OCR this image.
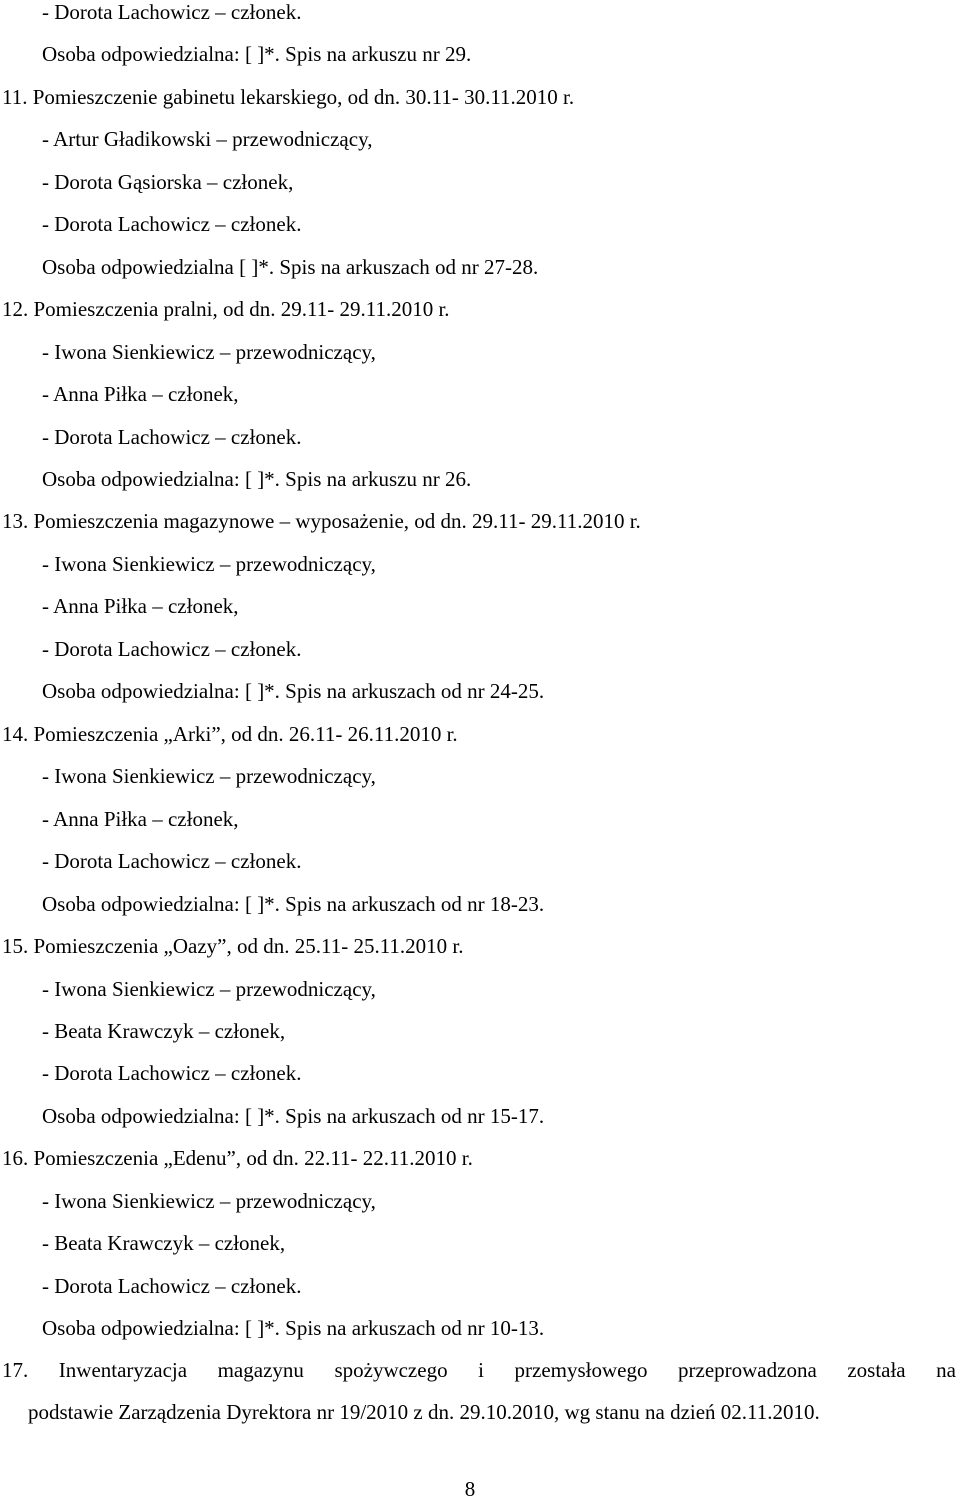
- Dorota Lachowicz – członek.
Osoba odpowiedzialna: [ ]*. Spis na arkuszu nr 29.
11. Pomieszczenie gabinetu lekarskiego, od dn. 30.11- 30.11.2010 r.
- Artur Gładikowski – przewodniczący,
- Dorota Gąsiorska – członek,
- Dorota Lachowicz – członek.
Osoba odpowiedzialna [ ]*. Spis na arkuszach od nr 27-28.
12. Pomieszczenia pralni, od dn. 29.11- 29.11.2010 r.
- Iwona Sienkiewicz – przewodniczący,
- Anna Piłka – członek,
- Dorota Lachowicz – członek.
Osoba odpowiedzialna: [ ]*. Spis na arkuszu nr 26.
13. Pomieszczenia magazynowe – wyposażenie, od dn. 29.11- 29.11.2010 r.
- Iwona Sienkiewicz – przewodniczący,
- Anna Piłka – członek,
- Dorota Lachowicz – członek.
Osoba odpowiedzialna: [ ]*. Spis na arkuszach od nr 24-25.
14. Pomieszczenia „Arki”, od dn. 26.11- 26.11.2010 r.
- Iwona Sienkiewicz – przewodniczący,
- Anna Piłka – członek,
- Dorota Lachowicz – członek.
Osoba odpowiedzialna: [ ]*. Spis na arkuszach od nr 18-23.
15. Pomieszczenia „Oazy”, od dn. 25.11- 25.11.2010 r.
- Iwona Sienkiewicz – przewodniczący,
- Beata Krawczyk – członek,
- Dorota Lachowicz – członek.
Osoba odpowiedzialna: [ ]*. Spis na arkuszach od nr 15-17.
16. Pomieszczenia „Edenu”, od dn. 22.11- 22.11.2010 r.
- Iwona Sienkiewicz – przewodniczący,
- Beata Krawczyk – członek,
- Dorota Lachowicz – członek.
Osoba odpowiedzialna: [ ]*. Spis na arkuszach od nr 10-13.
17. Inwentaryzacja magazynu spożywczego i przemysłowego przeprowadzona została na
podstawie Zarządzenia Dyrektora nr 19/2010 z dn. 29.10.2010, wg stanu na dzień 02.11.2010.
8
